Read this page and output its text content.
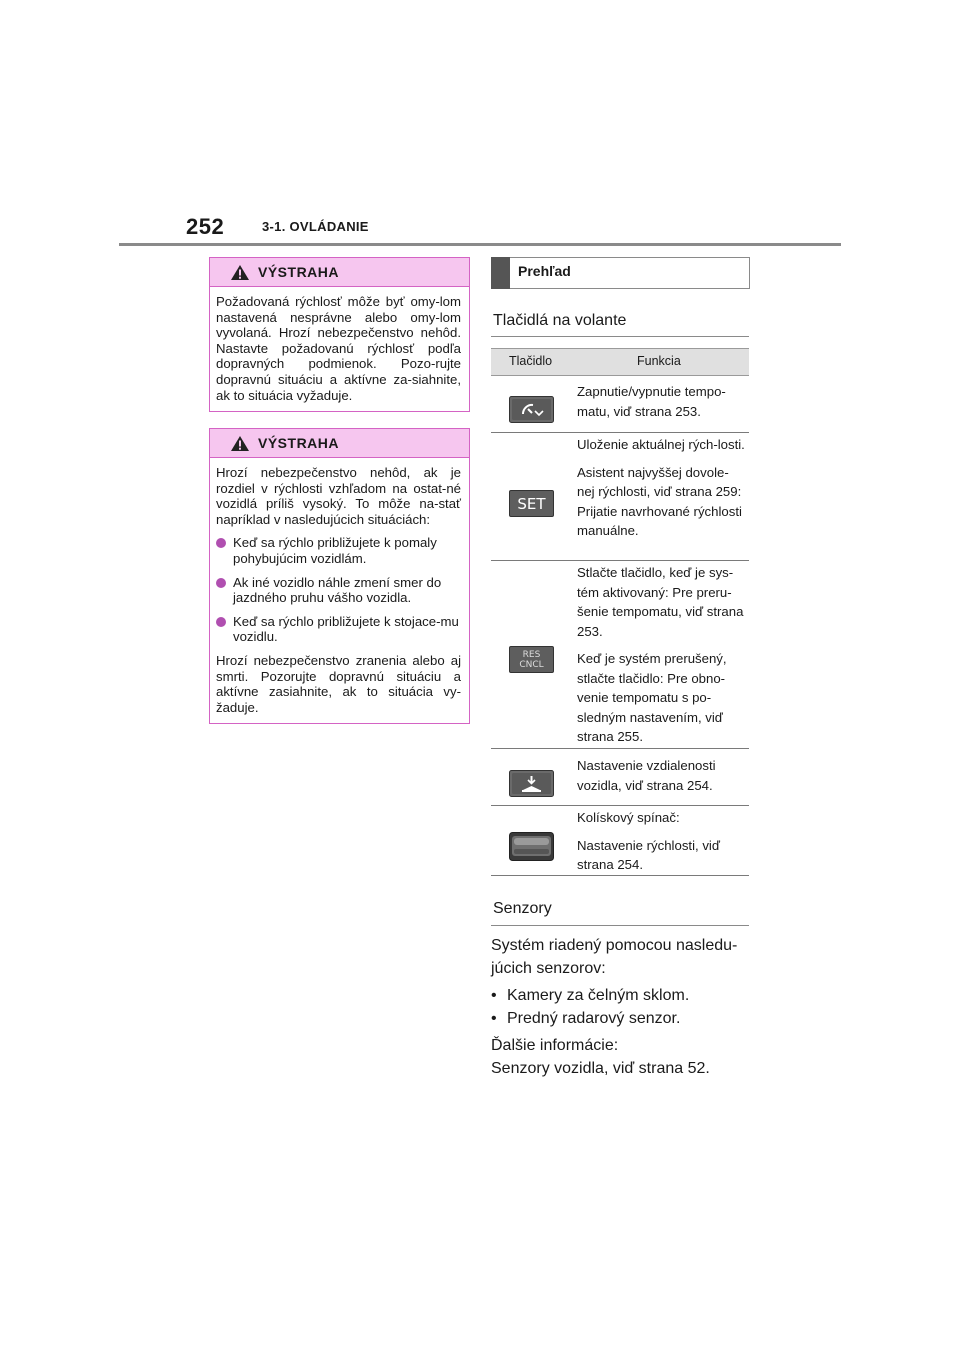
252	3-1. OVLÁDANIE
VÝSTRAHA

Požadovaná rýchlosť môže byť omy-lom nastavená nesprávne alebo omy-lom vyvolaná. Hrozí nebezpečenstvo nehôd. Nastavte požadovanú rýchlosť podľa dopravných podmienok. Pozo-rujte dopravnú situáciu a aktívne za-siahnite, ak to situácia vyžaduje.

VÝSTRAHA

Hrozí nebezpečenstvo nehôd, ak je rozdiel v rýchlosti vzhľadom na ostat-né vozidlá príliš vysoký. To môže na-stať napríklad v nasledujúcich situáciách:

Keď sa rýchlo približujete k pomaly pohybujúcim vozidlám.
Ak iné vozidlo náhle zmení smer do jazdného pruhu vášho vozidla.
Keď sa rýchlo približujete k stojace-mu vozidlu.

Hrozí nebezpečenstvo zranenia alebo aj smrti. Pozorujte dopravnú situáciu a aktívne zasiahnite, ak to situácia vy-žaduje.

Prehľad
Tlačidlá na volante
Tlačidlo	Funkcia

Zapnutie/vypnutie tempo-matu, viď strana 253.

SET

Uloženie aktuálnej rých-losti.

Asistent najvyššej dovole-nej rýchlosti, viď strana 259: Prijatie navrhované rýchlosti manuálne.

RES
CNCL

Stlačte tlačidlo, keď je sys-tém aktivovaný: Pre preru-šenie tempomatu, viď strana 253.

Keď je systém prerušený, stlačte tlačidlo: Pre obno-venie tempomatu s po-sledným nastavením, viď strana 255.

Nastavenie vzdialenosti vozidla, viď strana 254.

Kolískový spínač:

Nastavenie rýchlosti, viď strana 254.

Senzory

Systém riadený pomocou nasledu-júcich senzorov:

• Kamery za čelným sklom.
• Predný radarový senzor.

Ďalšie informácie:

Senzory vozidla, viď strana 52.
